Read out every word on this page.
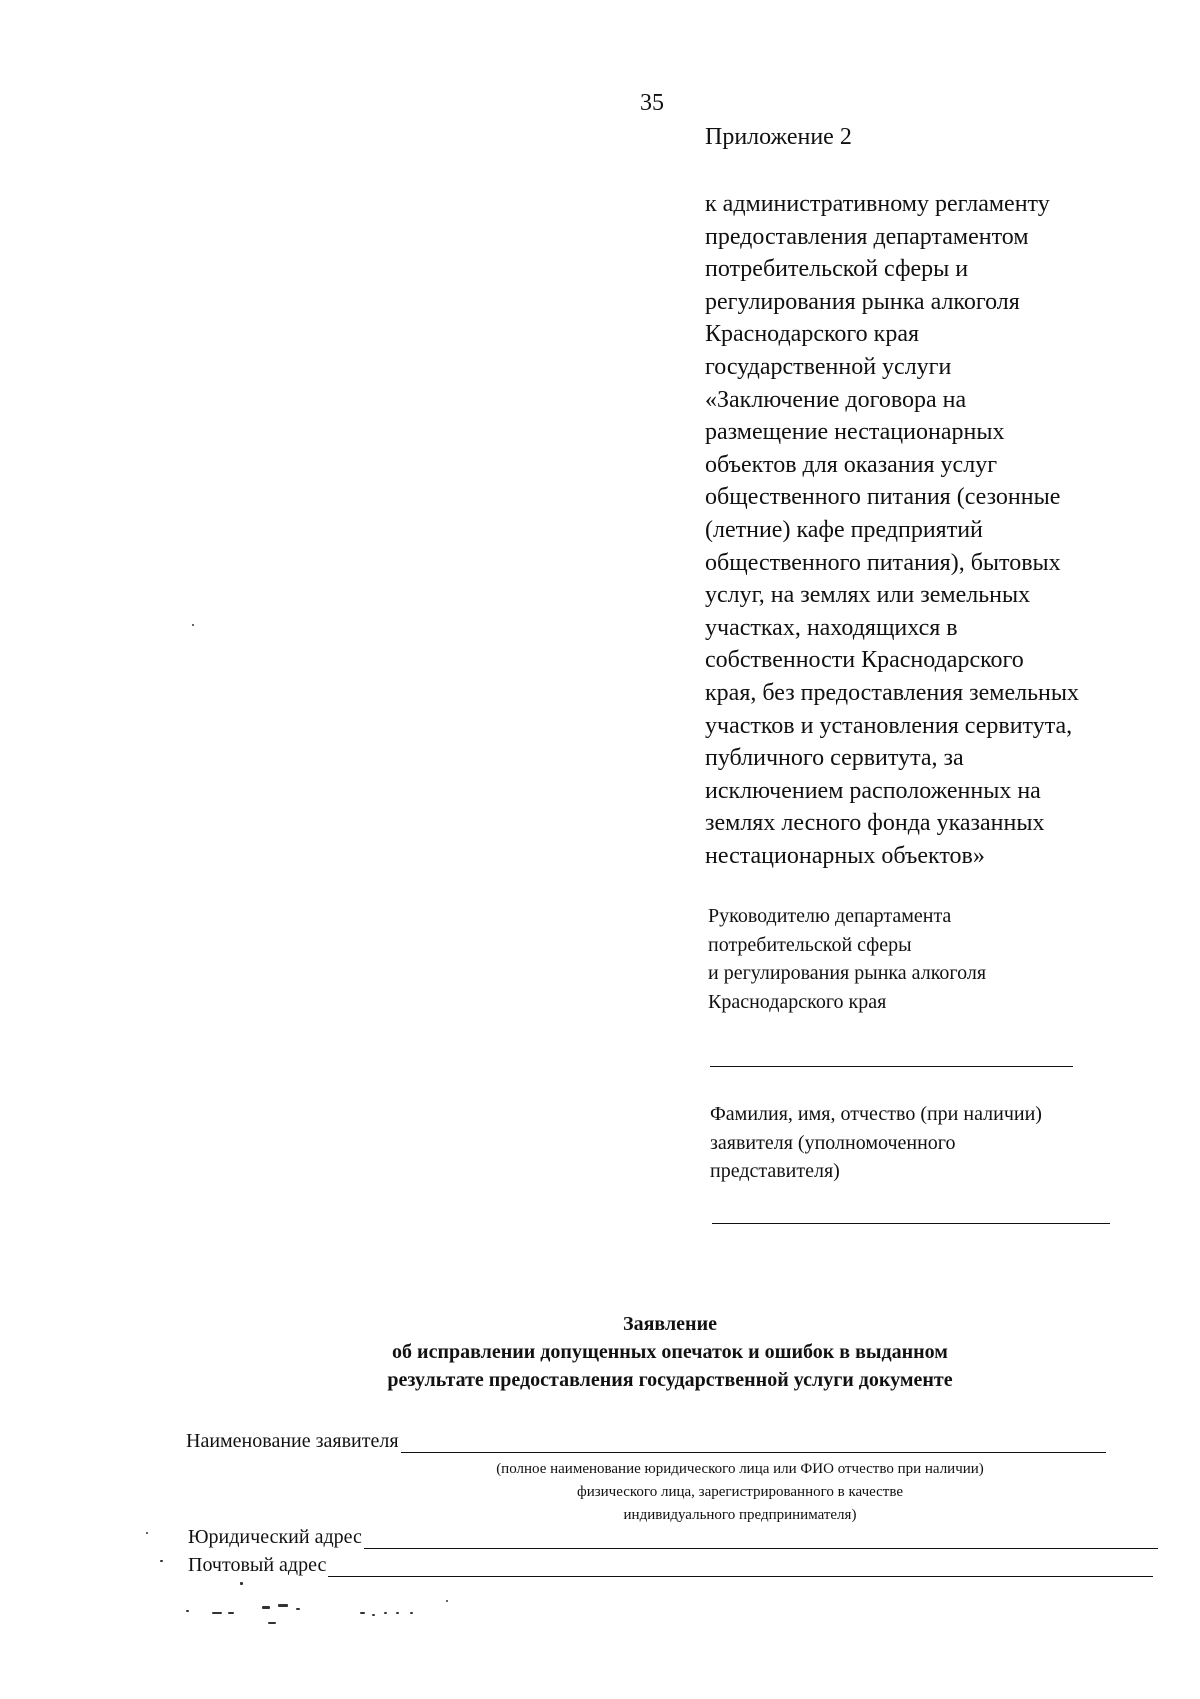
35
Приложение 2
к административному регламенту
предоставления департаментом
потребительской сферы и
регулирования рынка алкоголя
Краснодарского края
государственной услуги
«Заключение договора на
размещение нестационарных
объектов для оказания услуг
общественного питания (сезонные
(летние) кафе предприятий
общественного питания), бытовых
услуг, на землях или земельных
участках, находящихся в
собственности Краснодарского
края, без предоставления земельных
участков и установления сервитута,
публичного сервитута, за
исключением расположенных на
землях лесного фонда указанных
нестационарных объектов»
Руководителю департамента
потребительской сферы
и регулирования рынка алкоголя
Краснодарского края
Фамилия, имя, отчество (при наличии)
заявителя (уполномоченного
представителя)
Заявление
об исправлении допущенных опечаток и ошибок в выданном
результате предоставления государственной услуги документе
Наименование заявителя
(полное наименование юридического лица или ФИО отчество при наличии)
физического лица, зарегистрированного в качестве
индивидуального предпринимателя)
Юридический адрес
Почтовый адрес
